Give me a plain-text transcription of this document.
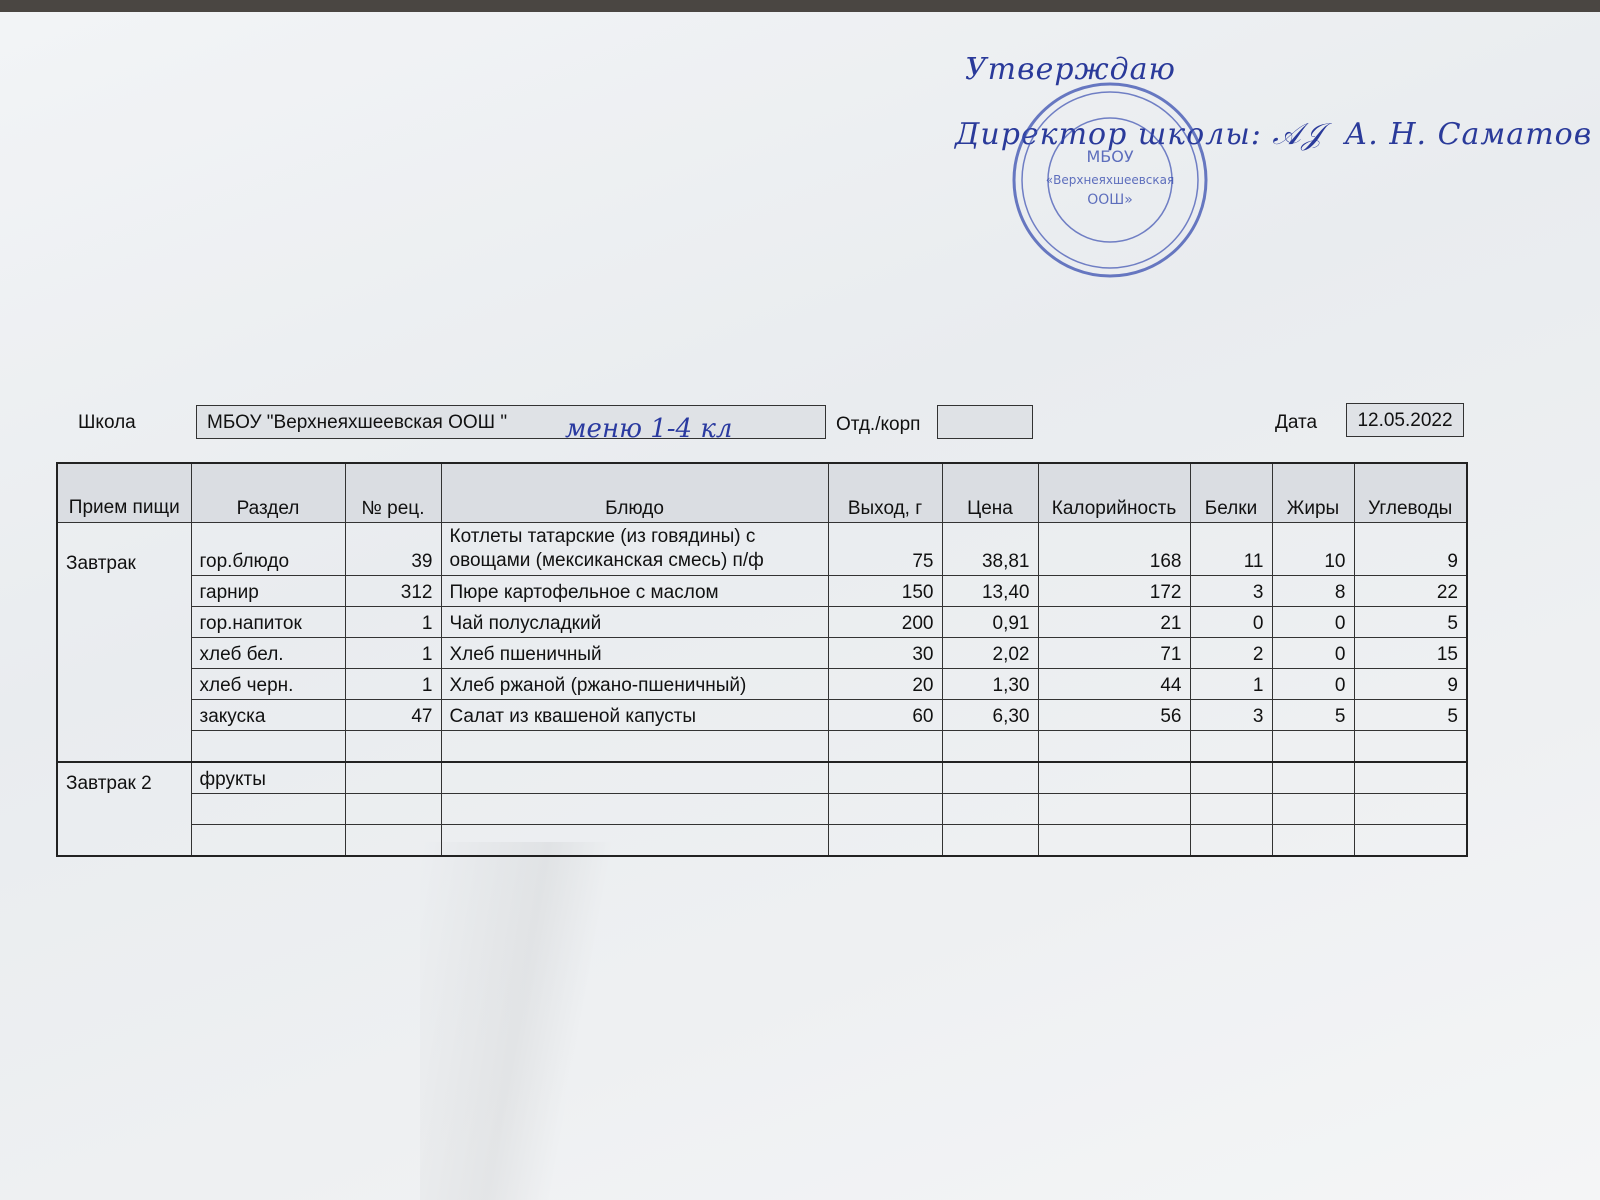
Утверждаю
Директор школы: 𝒜𝒥  А. Н. Саматов
МБОУ
«Верхнеяхшеевская
ООШ»
Школа	МБОУ "Верхнеяхшеевская ООШ "	меню 1-4 кл	Отд./корп	Дата	12.05.2022
Прием пищи	Раздел	№ рец.	Блюдо	Выход, г	Цена	Калорийность	Белки	Жиры	Углеводы
Завтрак	гор.блюдо	39	Котлеты татарские (из говядины) с овощами (мексиканская смесь) п/ф	75	38,81	168	11	10	9
	гарнир	312	Пюре картофельное с маслом	150	13,40	172	3	8	22
	гор.напиток	1	Чай полусладкий	200	0,91	21	0	0	5
	хлеб бел.	1	Хлеб пшеничный	30	2,02	71	2	0	15
	хлеб черн.	1	Хлеб ржаной (ржано-пшеничный)	20	1,30	44	1	0	9
	закуска	47	Салат из квашеной капусты	60	6,30	56	3	5	5

Завтрак 2	фрукты								
